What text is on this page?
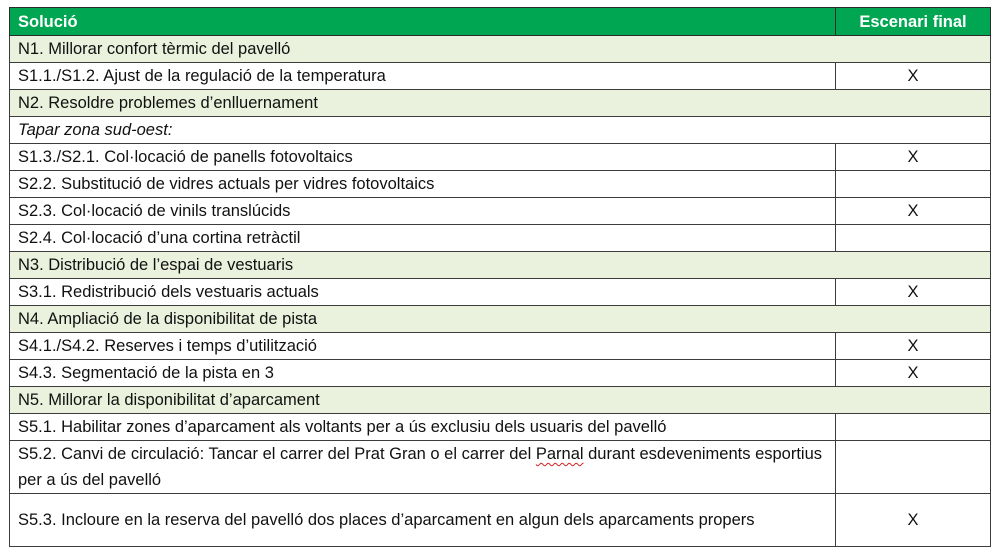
Solució	Escenari final
N1. Millorar confort tèrmic del pavelló	
S1.1./S1.2. Ajust de la regulació de la temperatura	X
N2. Resoldre problemes d’enlluernament	
Tapar zona sud-oest:	
S1.3./S2.1. Col·locació de panells fotovoltaics	X
S2.2. Substitució de vidres actuals per vidres fotovoltaics	
S2.3. Col·locació de vinils translúcids	X
S2.4. Col·locació d’una cortina retràctil	
N3. Distribució de l’espai de vestuaris	
S3.1. Redistribució dels vestuaris actuals	X
N4. Ampliació de la disponibilitat de pista	
S4.1./S4.2. Reserves i temps d’utilització	X
S4.3. Segmentació de la pista en 3	X
N5. Millorar la disponibilitat d’aparcament	
S5.1. Habilitar zones d’aparcament als voltants per a ús exclusiu dels usuaris del pavelló	
S5.2. Canvi de circulació: Tancar el carrer del Prat Gran o el carrer del Parnal durant esdeveniments esportius per a ús del pavelló	
S5.3. Incloure en la reserva del pavelló dos places d’aparcament en algun dels aparcaments propers	X
